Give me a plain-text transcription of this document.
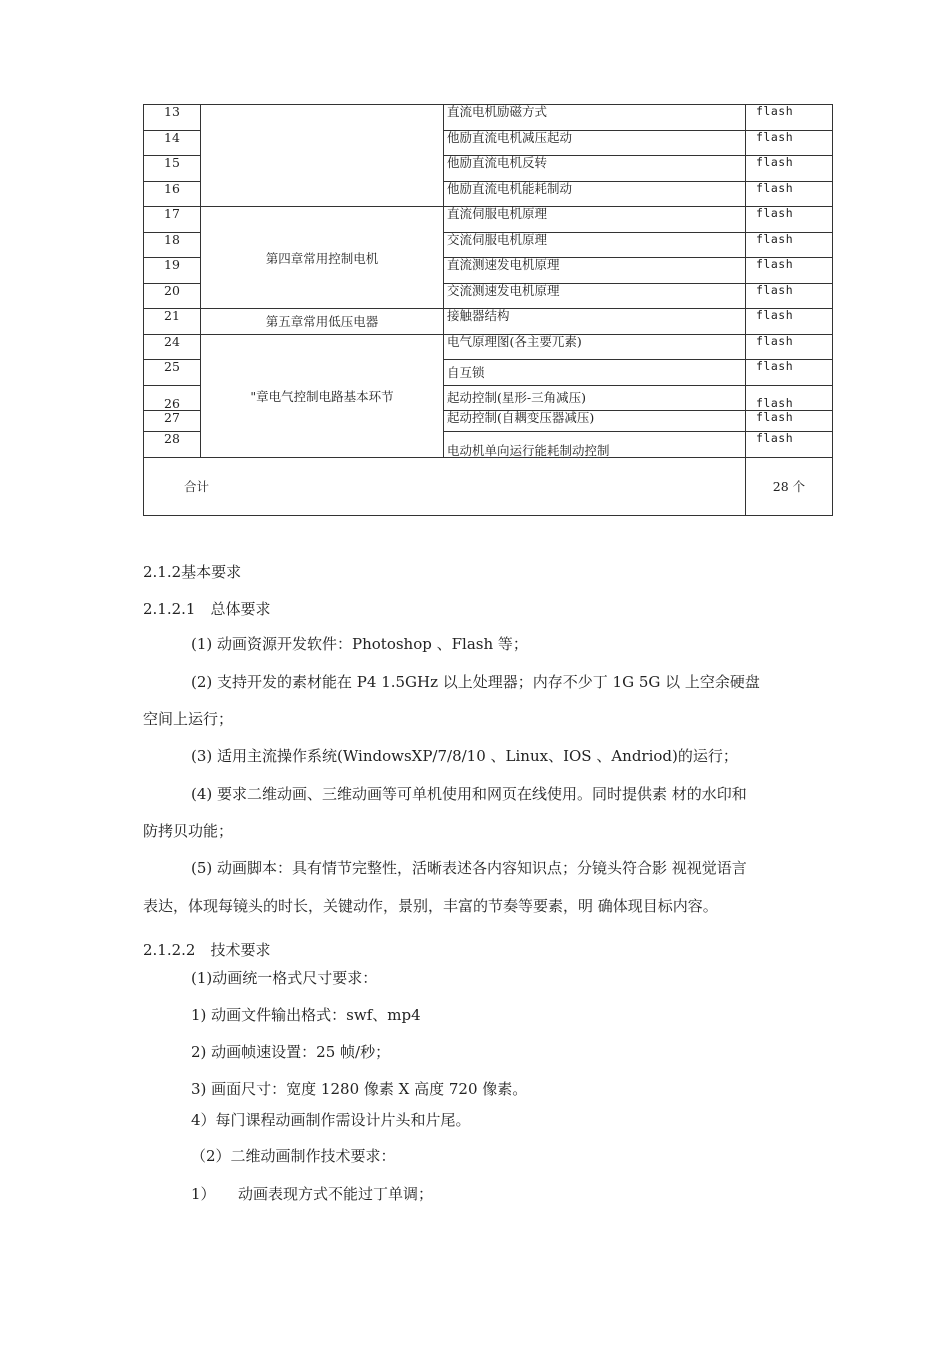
13		直流电机励磁方式	flash
14		他励直流电机减压起动	flash
15		他励直流电机反转	flash
16		他励直流电机能耗制动	flash
17	第四章常用控制电机	直流伺服电机原理	flash
18		交流伺服电机原理	flash
19		直流测速发电机原理	flash
20		交流测速发电机原理	flash
21	第五章常用低压电器	接触器结构	flash
24	"章电气控制电路基本环节	电气原理图(各主要兀素)	flash
25		自互锁	flash
26		起动控制(星形-三角减压)	flash
27		起动控制(自耦变压器减压)	flash
28		电动机单向运行能耗制动控制	flash
合计			28 个
2.1.2基本要求
2.1.2.1　总体要求
(1) 动画资源开发软件：Photoshop 、Flash 等；
(2) 支持开发的素材能在 P4 1.5GHz 以上处理器；内存不少丁 1G 5G 以 上空余硬盘
空间上运行；
(3) 适用主流操作系统(WindowsXP/7/8/10 、Linux、IOS 、Andriod)的运行；
(4) 要求二维动画、三维动画等可单机使用和网页在线使用。同时提供素 材的水印和
防拷贝功能；
(5) 动画脚本：具有情节完整性，活晰表述各内容知识点；分镜头符合影 视视觉语言
表达，体现每镜头的时长，关键动作，景别，丰富的节奏等要素，明 确体现目标内容。
2.1.2.2　技术要求
(1)动画统一格式尺寸要求：
1) 动画文件输出格式：swf、mp4
2) 动画帧速设置：25 帧/秒；
3) 画面尺寸：宽度 1280 像素 X 高度 720 像素。
4）每门课程动画制作需设计片头和片尾。
（2）二维动画制作技术要求：
1）　　动画表现方式不能过丁单调；
